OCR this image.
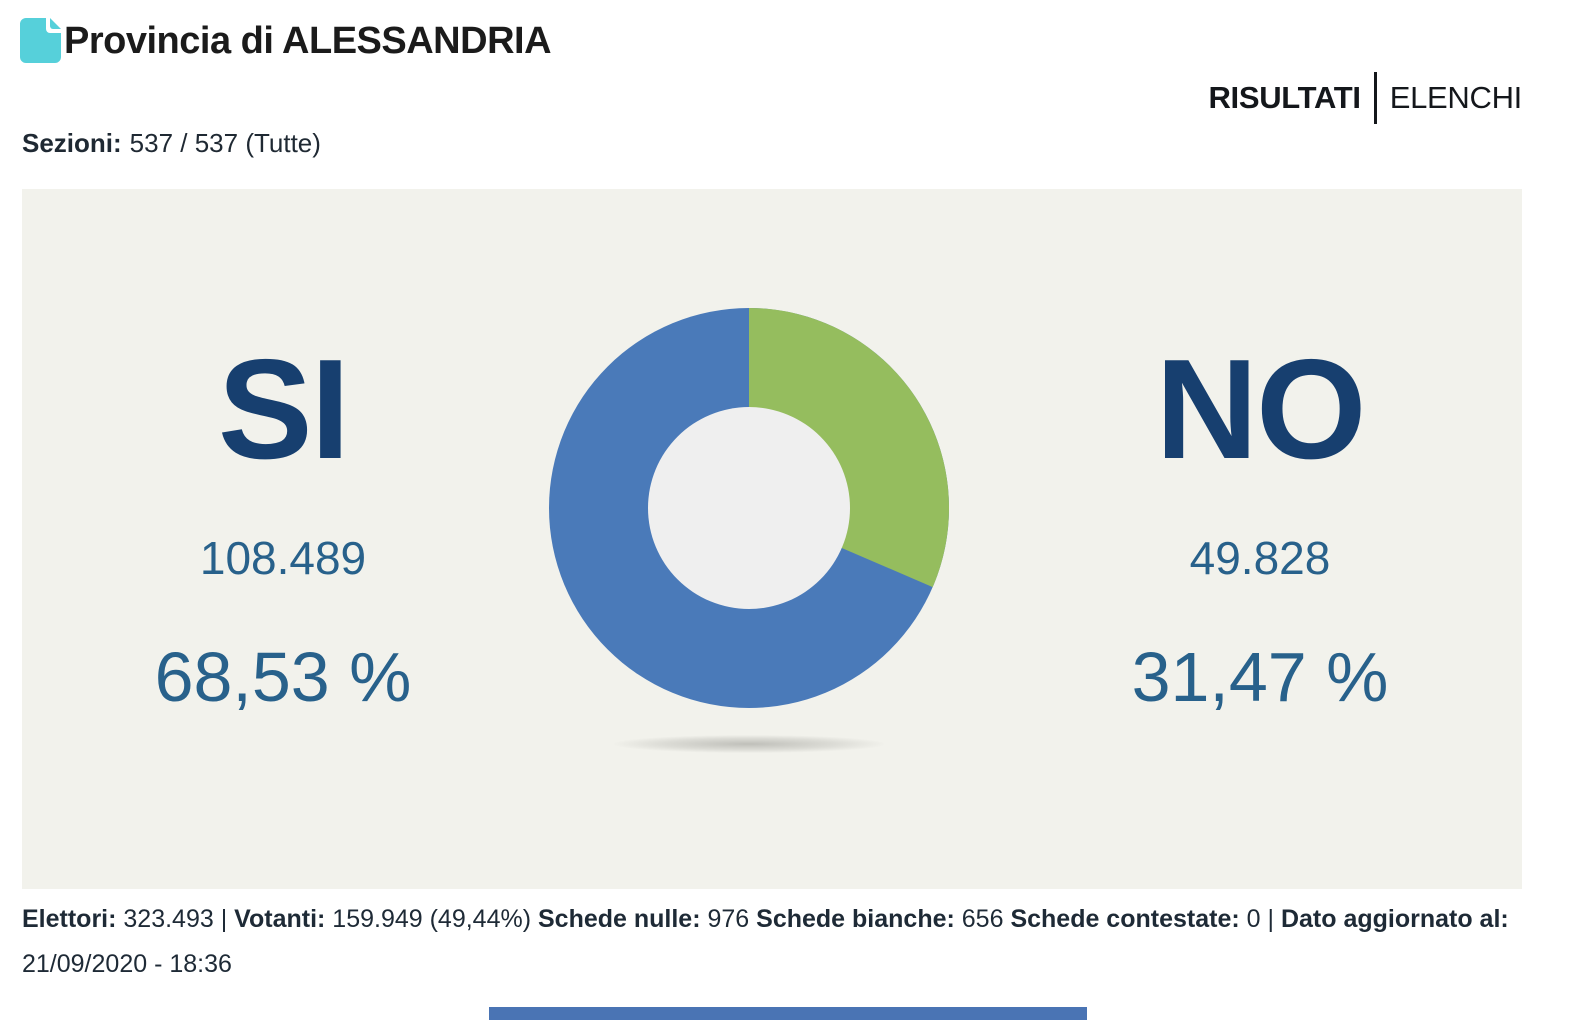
Provincia di ALESSANDRIA
RISULTATI ELENCHI
Sezioni: 537 / 537 (Tutte)
SI
108.489
68,53 %
NO
49.828
31,47 %
Elettori: 323.493 | Votanti: 159.949 (49,44%) Schede nulle: 976 Schede bianche: 656 Schede contestate: 0 | Dato aggiornato al: 21/09/2020 - 18:36
